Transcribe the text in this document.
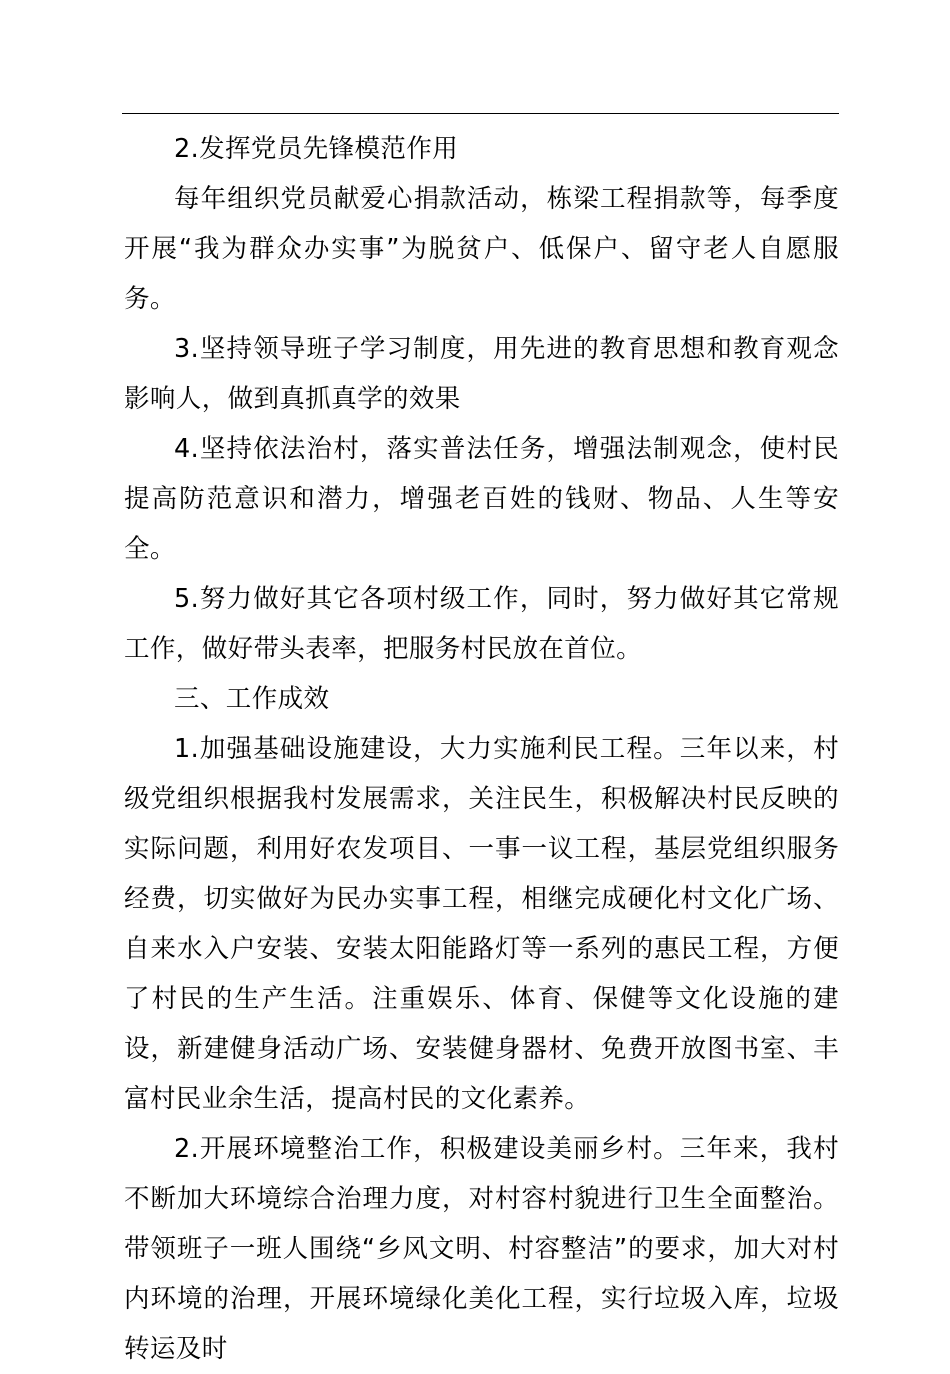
2.发挥党员先锋模范作用

每年组织党员献爱心捐款活动，栋梁工程捐款等，每季度开展“我为群众办实事”为脱贫户、低保户、留守老人自愿服务。

3.坚持领导班子学习制度，用先进的教育思想和教育观念影响人，做到真抓真学的效果

4.坚持依法治村，落实普法任务，增强法制观念，使村民提高防范意识和潜力，增强老百姓的钱财、物品、人生等安全。

5.努力做好其它各项村级工作，同时，努力做好其它常规工作，做好带头表率，把服务村民放在首位。

三、工作成效

1.加强基础设施建设，大力实施利民工程。三年以来，村级党组织根据我村发展需求，关注民生，积极解决村民反映的实际问题，利用好农发项目、一事一议工程，基层党组织服务经费，切实做好为民办实事工程，相继完成硬化村文化广场、自来水入户安装、安装太阳能路灯等一系列的惠民工程，方便了村民的生产生活。注重娱乐、体育、保健等文化设施的建设，新建健身活动广场、安装健身器材、免费开放图书室、丰富村民业余生活，提高村民的文化素养。

2.开展环境整治工作，积极建设美丽乡村。三年来，我村不断加大环境综合治理力度，对村容村貌进行卫生全面整治。带领班子一班人围绕“乡风文明、村容整洁”的要求，加大对村内环境的治理，开展环境绿化美化工程，实行垃圾入库，垃圾转运及时
